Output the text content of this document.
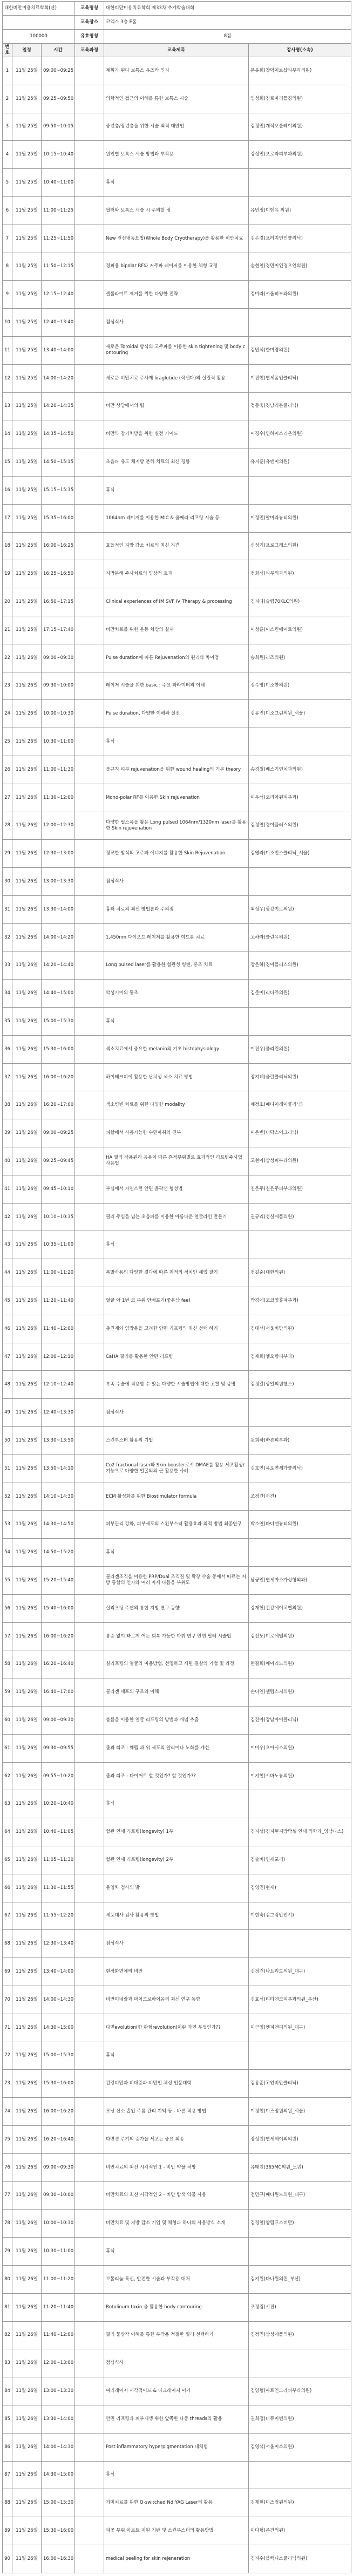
대한비만미용치료학회(단)			교육명칭	대한비만미용치료학회 제33차 추계학술대회	
			교육장소	코엑스 3층 E홀	
100000			유효명칭	8점	
번호	일정	시간	교육과정	교육제목	강사명(소속)
1	11월 25일	09:00~09:25		계획가 된다 보톡스 유즈칵 인지	문유희(창덕이브샵피부과의원)
2	11월 25일	09:25~09:50		의학적인 접근의 이해를 통한 보톡스 시술	임성희(진료마리틀경의원)
3	11월 25일	09:50~10:15		중년층/장년층을 위한 시술 최적 대안인	김정민(개석오플레이의원)
4	11월 25일	10:15~10:40		원인별 보톡스 시술 방법과 부작용	강성민(오로라피부과의원)
5	11월 25일	10:40~11:00		휴식	
6	11월 25일	11:00~11:25		필러와 보톡스 시술 시 주의할 점	유민정(미앤유 의원)
7	11월 25일	11:25~11:50		New 전신냉동요법(Whole Body Cryotherapy)을 활용한 비만치료	김은경(프러지민인클리닉)
8	11월 25일	11:50~12:15		경피용 bipolar RF와 저주파 레이저를 이용한 체형 교정	송현철(경민미인경으인의원)
9	11월 25일	12:15~12:40		셀룰라이트 제거를 위한 다양한 전략	정미라(서울피부과의원)
10	11월 25일	12:40~13:40		점심식사	
11	11월 25일	13:40~14:00		새로운 Toroidal 방식의 고주파를 이용한 skin tightening 및 body contouring	김민석(한미경의원)
12	11월 25일	14:00~14:20		새로운 비만치료 주사제 liraglutide (삭센다)의 실질적 활용	이진현(연세폼인클리닉)
13	11월 25일	14:20~14:35		비만 상담에서의 팁	정동욱(경남리본클리닉)
14	11월 25일	14:35~14:50		비만약 장기처방을 위한 실전 가이드	이경수(인하이스리온의원)
15	11월 25일	14:50~15:15		초음파 유도 체지방 분해 치료의 최신 경향	유지훈(유앤미의원)
16	11월 25일	15:15~15:35		휴식	
17	11월 25일	15:35~16:00		1064nm 레이저를 이용한 MIC & 울쎄라 리프팅 시술 등	이정민(알미라뷰티의원)
18	11월 25일	16:00~16:25		효율적인 지방 감소 치료의 최신 지견	신성기(프로그레스의원)
19	11월 25일	16:25~16:50		지방분해 주사치료의 임상적 효과	정회석(피부외과의원)
20	11월 25일	16:50~17:15		Clinical experiences of IM SVF IV Therapy & processing	김지다(슬림70KLC의원)
21	11월 25일	17:15~17:40		비만치료를 위한 운동 처방의 실제	이성훈(이스킨에이로의원)
22	11월 26일	09:00~09:30		Pulse duration에 따른 Rejuvenation의 원리와 차이점	송희원(리즈의원)
23	11월 26일	09:30~10:00		레이저 시술을 위한 basic : 주요 파라미터의 이해	정수영(미소한의원)
24	11월 26일	10:00~10:30		Pulse duration, 다양한 이해와 실전	김유진(미소그린의원_서울)
25	11월 26일	10:30~11:00		휴식	
26	11월 26일	11:00~11:30		불규칙 피부 rejuvenation을 위한 wound healing의 기본 theory	송경철(베스기연치과의원)
27	11월 26일	11:30~12:00		Mono-polar RF를 이용한 Skin rejuvenation	이우석(코리아원피부과)
28	11월 26일	12:00~12:30		다양한 펄스폭을 활용 Long pulsed 1064nm/1320nm laser를 활용한 Skin rejuvenation	김정연(경이플러스의원)
29	11월 26일	12:30~13:00		정교한 방식의 고주파 에너지를 활용한 Skin Rejuvenation	김영라(미소빈스클리닉_서울)
30	11월 26일	13:00~13:30		점심식사	
31	11월 26일	13:30~14:00		흉터 치료의 최신 방법론과 주의점	최성우(삼강미르의원)
32	11월 26일	14:00~14:20		1,450nm 다이오드 레이저를 활용한 여드름 치료	고하라(클린유의원)
33	11월 26일	14:20~14:40		Long pulsed laser를 활용한 혈관성 병변, 홍조 치료	장은하(경이플러스의원)
34	11월 26일	14:40~15:00		악성기미의 통조	김준미(리다쥬의원)
35	11월 26일	15:00~15:30		휴식	
36	11월 26일	15:30~16:00		색소치료에서 중요한 melanin의 기초 histophysiology	이진우(폴리린의원)
37	11월 26일	16:00~16:20		하이테크피에 활용한 난치성 색소 치료 방법	장지혜(올란클리닉의원)
38	11월 26일	16:20~17:00		색소병변 치료를 위한 다양한 modality	배정호(메디어레이클리닉)
39	11월 26일	09:00~09:25		피할에서 사용가능한 수면마취와 진부	이은빈(더닥스이크리닉)
40	11월 26일	09:25~09:45		HA 필러 작용원리 응용이 따른 흔적부위별로 효과적인 리프팅주사법 사용법	고현아(삼성피부과의원)
41	11월 26일	09:45~10:10		부쉽에서 자연스런 안면 윤곽선 형성법	천은주(천은주피부과의원)
42	11월 26일	10:10~10:35		필러 주입을 넘는 초음파를 이용한 아름다운 얼굴라인 만들기	권규리(성실애플의원)
43	11월 26일	10:35~11:00		휴식	
44	11월 26일	11:00~11:20		폭발사용의 다양한 결과에 따른 최적의 적치안 쉐업 잘기	전길순(대한의원)
45	11월 26일	11:20~11:40		얼굴 아 1번 코 부위 안배포기(좋은남 fee)	박경애(코코영휴파부과)
46	11월 26일	11:40~12:00		충진제와 임방용을 고려한 안면 리프팅의 최신 선택 하기	김태선(서울비만의원)
47	11월 26일	12:00~12:10		CaHA 필러를 활용한 안면 리프팅	김재희(엘오탕피부과)
48	11월 26일	12:10~12:40		부족 수술에 적용할 수 있는 다양한 시술방법에 대한 고찰 및 증명	김정갈(상일의원헬스)
49	11월 26일	12:40~13:30		점심식사	
50	11월 26일	13:30~13:50		스킨부스터 활용의 기법	원희하(빠른피부과)
51	11월 26일	13:50~14:10		Co2 fractional laser와 Skin booster로서 DMAE를 활용 세포활성/기능으로 다양한 얼굴의의 근 활용한 사례	김호연(목포연세가클리닉)
52	11월 26일	14:10~14:30		ECM 활성화를 위한 Biostimulator formula	조정간(서진)
53	11월 26일	14:30~14:50		피부관리 강화, 피부세포의 스킨부스터 활용효과 최적 방법 최종연구	박소연(바디앤뷰티의원)
54	11월 26일	14:50~15:20		휴식	
55	11월 26일	15:20~15:40		콜라겐조직을 이용한 PRP/Dual 조직결 및 확장 수술 중에서 따르는 지방 통합의 인자와 여러 자세 다듬을 부위도	남궁인(연세마소가성형외과)
56	11월 26일	15:40~16:00		실리프팅 주변의 통합 지방 연구 동향	강재헌(건강에이치엘의원)
57	11월 26일	16:00~16:20		통증 없이 빠르게 어는 회복 가능한 마취 연구 안면 필러 시술법	김선도(미로에벨의원)
58	11월 26일	16:20~16:40		실리프팅의 얼굴의 미용방법, 선명하고 세련 결살의 기법 및 과정	한결희(에이리노의원)
59	11월 26일	16:40~17:00		콜라겐 세포의 구조와 이해	손나연(셀럽스지의원)
60	11월 26일	09:00~09:30		볼륨을 이용한 얼굴 리프팅의 방법과 개념 추출	김진아(강남아이클리닉)
61	11월 26일	09:30~09:55		줄과 퇴조 : 웨펠 과 위 세포의 알리이나 노화를 개선	이미우(오아시스의원)
62	11월 26일	09:55~10:20		줄과 퇴조 - 다이어트 할 것인가? 할 것인가??	이지현(시바노뷰의원)
63	11월 26일	10:20~10:40		휴식	
64	11월 26일	10:40~11:05		혈관 연세 리프팅(longevity) 1부	김지성(김지현지방박셀 연세 의학과_영남나스)
65	11월 26일	11:05~11:30		혈관 연세 리프팅(longevity) 2부	김솔비(연세포리)
66	11월 26일	11:30~11:55		윤영차 검사의 발	김영민(현재)
67	11월 26일	11:55~12:20		세포대사 검사 활용의 방법	이현숙(김그림만인서)
68	11월 26일	12:30~13:40		점심식사	
69	11월 26일	13:40~14:00		현장화면에의 비만	김정건(나트리드의원_대구)
70	11월 26일	14:00~14:30		비만미네랄과 마이크로바이옴의 최신 연구 동향	김효석(티티엔크피부과의원_부산)
71	11월 26일	14:30~15:00		다면evolution(한 판형revolution)이란 과연 무엇인가??	이근영(엔피앤피의원_대구)
72	11월 26일	15:00~15:30		휴식	
73	11월 26일	15:30~16:00		건강비만과 비대증과 비만인 체성 인문대학	김용준(고인비만클리닉)
74	11월 26일	16:00~16:20		모낭 산소 흡입 주름 관리 기억 등 - 바른 적용 방법	이정현(미즈정원의원_서울)
75	11월 26일	16:20~16:40		다면경 주기의 증가을 세포는 중요 최종	장성원(연세제이외의원)
76	11월 26일	09:00~09:30		비만치료의 최신 시각적인 1 - 비만 약물 처방	유태원(365MC의원_노원)
77	11월 26일	09:30~10:00		비만치료의 최신 시각적인 2 - 비만 탐색 약물 사용	전민규(메디원드의원_대구)
78	11월 26일	10:00~10:30		비만치료 및 지방 감소 기업 및 체형과 하나의 사용방식 소개	김경철(앙림프스비만)
79	11월 26일	10:30~11:00		휴식	
80	11월 26일	11:00~11:20		보톨리눔 톡신, 안전한 시술과 부작용 대처	김지원(다나원의원_부산)
81	11월 26일	11:20~11:40		Botulinum toxin 을 활용한 body contouring	조정림(서진)
82	11월 26일	11:40~12:00		필러 물상작 이해를 통한 부작용 적절한 필러 선택하기	김정민(삼성애플의원)
83	11월 26일	12:00~13:00		점심식사	
84	11월 26일	13:00~13:30		여러레이저 시각적이드 & 다크레이저 이거	김양형(아트인그라피부과의원)
85	11월 26일	13:30~14:00		안면 리프팅과 피부재생 위한 앞쪽한 나중 threads의 활용	권희정(더듀이빈의원)
86	11월 26일	14:00~14:30		Post inflammatory hyperpigmentation 대처법	김영석(서울미소의원)
87	11월 26일	14:30~15:00		휴식	
88	11월 26일	15:00~15:30		기미치료를 위한 Q-switched Nd:YAG Laser의 활용	김재현(미즈정원의원)
89	11월 26일	15:30~16:00		피곳 부위 아르트 지원 기반 및 스킨부스터의 활용방법	이다형(은건의원)
90	11월 26일	16:00~16:30		medical peeling for skin rejeneration	김지수(블랙니스클리닉의원)
